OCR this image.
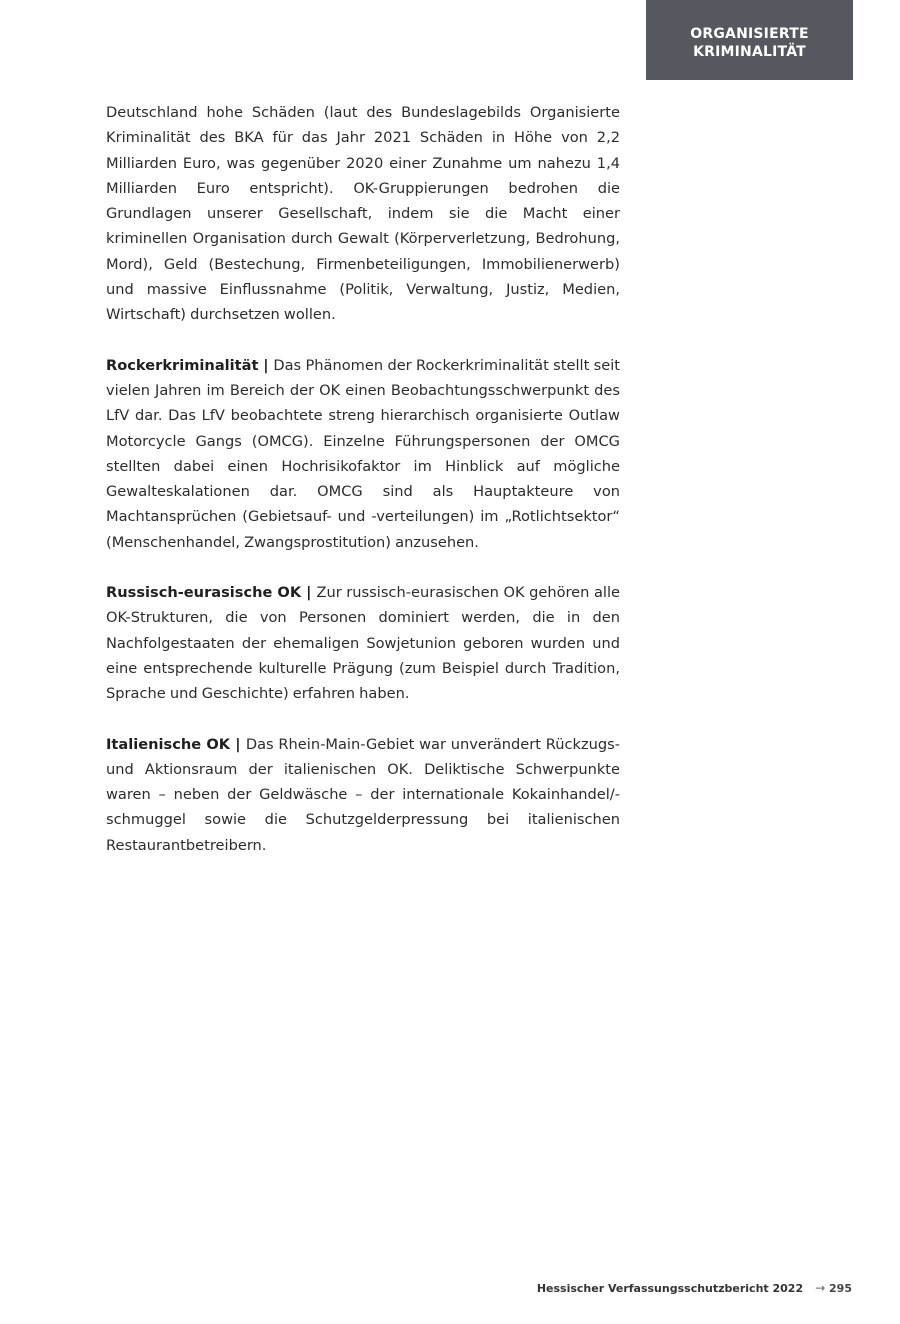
ORGANISIERTE
KRIMINALITÄT

Deutschland hohe Schäden (laut des Bundeslagebilds Organisierte Kriminalität des BKA für das Jahr 2021 Schäden in Höhe von 2,2 Milliarden Euro, was gegenüber 2020 einer Zunahme um nahezu 1,4 Milliarden Euro entspricht). OK-Gruppierungen bedrohen die Grundlagen unserer Gesellschaft, indem sie die Macht einer kriminellen Organisation durch Gewalt (Körperverletzung, Bedrohung, Mord), Geld (Bestechung, Firmenbeteiligungen, Immobilienerwerb) und massive Einflussnahme (Politik, Verwaltung, Justiz, Medien, Wirtschaft) durchsetzen wollen.

Rockerkriminalität | Das Phänomen der Rockerkriminalität stellt seit vielen Jahren im Bereich der OK einen Beobachtungsschwerpunkt des LfV dar. Das LfV beobachtete streng hierarchisch organisierte Outlaw Motorcycle Gangs (OMCG). Einzelne Führungspersonen der OMCG stellten dabei einen Hochrisikofaktor im Hinblick auf mögliche Gewalteskalationen dar. OMCG sind als Hauptakteure von Machtansprüchen (Gebietsauf- und -verteilungen) im „Rotlichtsektor“ (Menschenhandel, Zwangsprostitution) anzusehen.

Russisch-eurasische OK | Zur russisch-eurasischen OK gehören alle OK-Strukturen, die von Personen dominiert werden, die in den Nachfolgestaaten der ehemaligen Sowjetunion geboren wurden und eine entsprechende kulturelle Prägung (zum Beispiel durch Tradition, Sprache und Geschichte) erfahren haben.

Italienische OK | Das Rhein-Main-Gebiet war unverändert Rückzugs- und Aktionsraum der italienischen OK. Deliktische Schwerpunkte waren – neben der Geldwäsche – der internationale Kokainhandel/-schmuggel sowie die Schutzgelderpressung bei italienischen Restaurantbetreibern.

Hessischer Verfassungsschutzbericht 2022 → 295
